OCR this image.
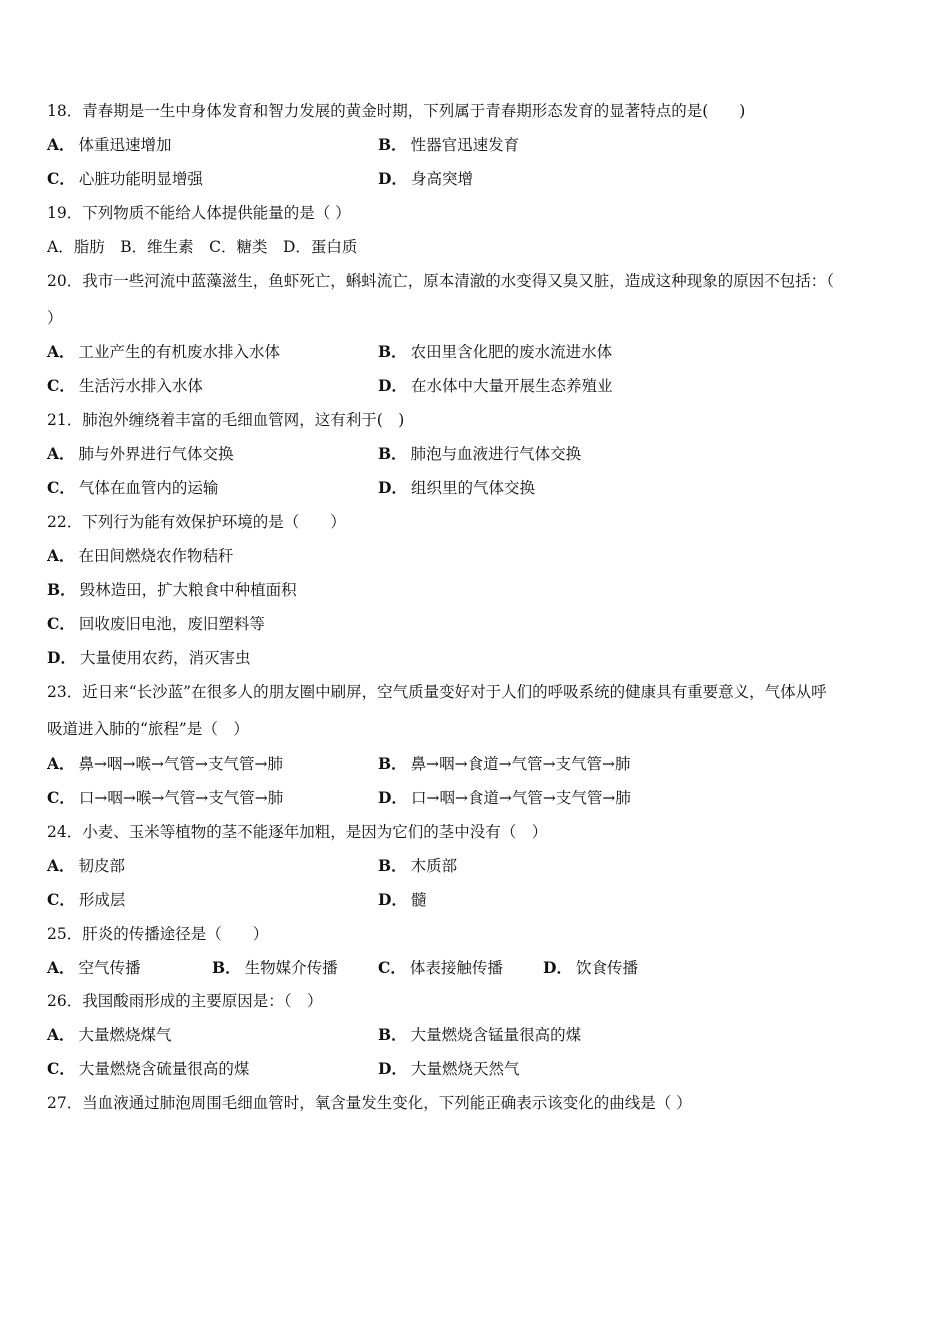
18．青春期是一生中身体发育和智力发展的黄金时期，下列属于青春期形态发育的显著特点的是(　　)
A． 体重迅速增加	B． 性器官迅速发育
C． 心脏功能明显增强	D． 身高突增
19．下列物质不能给人体提供能量的是（ ）
A．脂肪　B．维生素　C．糖类　D．蛋白质
20．我市一些河流中蓝藻滋生，鱼虾死亡，蝌蚪流亡，原本清澈的水变得又臭又脏，造成这种现象的原因不包括：（
）
A． 工业产生的有机废水排入水体	B． 农田里含化肥的废水流进水体
C． 生活污水排入水体	D． 在水体中大量开展生态养殖业
21．肺泡外缠绕着丰富的毛细血管网，这有利于(　)
A． 肺与外界进行气体交换	B． 肺泡与血液进行气体交换
C． 气体在血管内的运输	D． 组织里的气体交换
22．下列行为能有效保护环境的是（　　）
A． 在田间燃烧农作物秸秆
B． 毁林造田，扩大粮食中种植面积
C． 回收废旧电池，废旧塑料等
D． 大量使用农药，消灭害虫
23．近日来“长沙蓝”在很多人的朋友圈中刷屏，空气质量变好对于人们的呼吸系统的健康具有重要意义，气体从呼
吸道进入肺的“旅程”是（　）
A． 鼻→咽→喉→气管→支气管→肺	B． 鼻→咽→食道→气管→支气管→肺
C． 口→咽→喉→气管→支气管→肺	D． 口→咽→食道→气管→支气管→肺
24．小麦、玉米等植物的茎不能逐年加粗，是因为它们的茎中没有（　）
A． 韧皮部	B． 木质部
C． 形成层	D． 髓
25．肝炎的传播途径是（　　）
A． 空气传播	B． 生物媒介传播	C． 体表接触传播	D． 饮食传播
26．我国酸雨形成的主要原因是：（　）
A． 大量燃烧煤气	B． 大量燃烧含锰量很高的煤
C． 大量燃烧含硫量很高的煤	D． 大量燃烧天然气
27．当血液通过肺泡周围毛细血管时，氧含量发生变化，下列能正确表示该变化的曲线是（ ）
